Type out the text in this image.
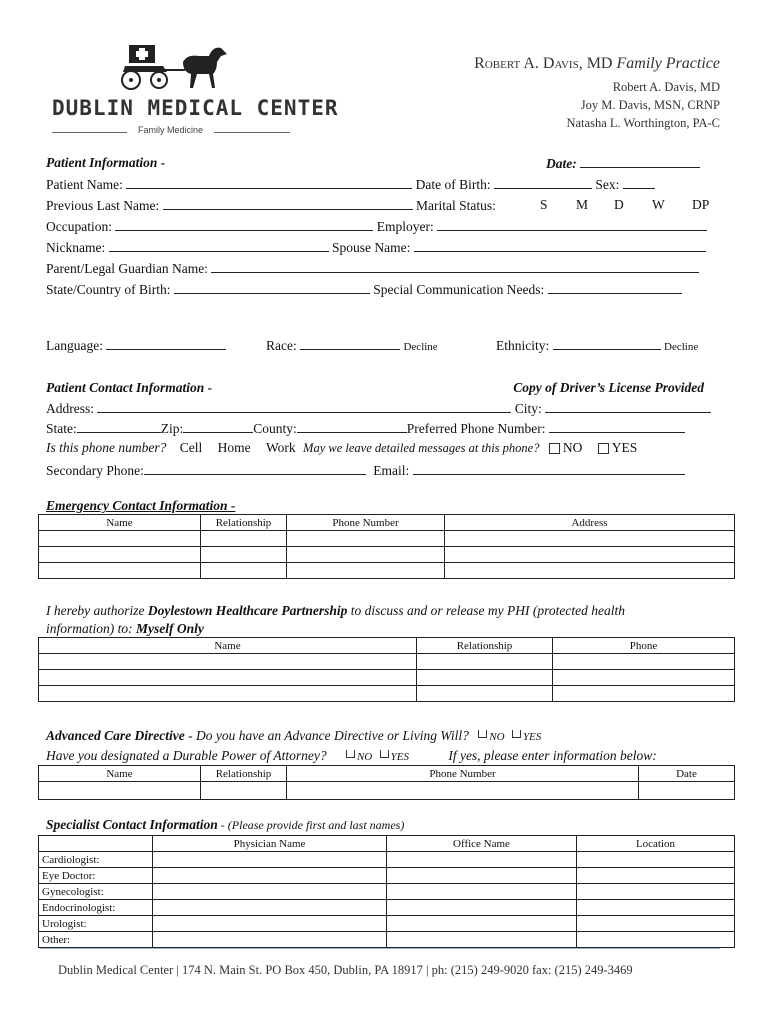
DUBLIN MEDICAL CENTER
Family Medicine
Robert A. Davis, MD Family Practice
Robert A. Davis, MD
Joy M. Davis, MSN, CRNP
Natasha L. Worthington, PA-C
Patient Information -	Date:
Patient Name:	Date of Birth:	Sex:
Previous Last Name:	Marital Status:	S M D W DP
Occupation:	Employer:
Nickname:	Spouse Name:
Parent/Legal Guardian Name:
State/Country of Birth:	Special Communication Needs:
Language:	Race:	Decline	Ethnicity:	Decline
Patient Contact Information -	Copy of Driver’s License Provided
Address:	City:
State:	Zip:	County:	Preferred Phone Number:
Is this phone number? Cell Home Work May we leave detailed messages at this phone? NO YES
Secondary Phone:	Email:
Emergency Contact Information -
Name	Relationship	Phone Number	Address

I hereby authorize Doylestown Healthcare Partnership to discuss and or release my PHI (protected health
information) to: Myself Only
Name	Relationship	Phone

Advanced Care Directive - Do you have an Advance Directive or Living Will? NO YES
Have you designated a Durable Power of Attorney?	NO YES	If yes, please enter information below:
Name	Relationship	Phone Number	Date

Specialist Contact Information - (Please provide first and last names)
	Physician Name	Office Name	Location
Cardiologist:			
Eye Doctor:			
Gynecologist:			
Endocrinologist:			
Urologist:			
Other:			
Dublin Medical Center | 174 N. Main St. PO Box 450, Dublin, PA 18917 | ph: (215) 249-9020 fax: (215) 249-3469
